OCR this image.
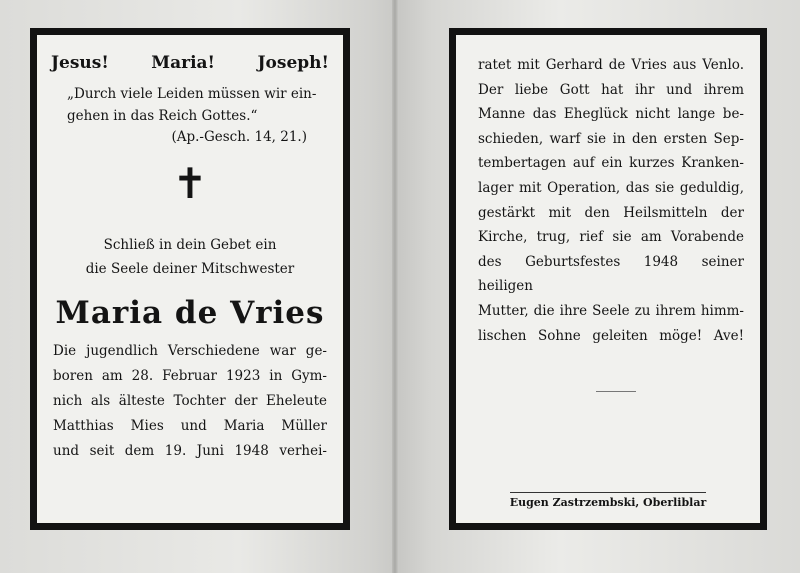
Jesus! Maria! Joseph!
„Durch viele Leiden müssen wir ein-
gehen in das Reich Gottes.“
(Ap.-Gesch. 14, 21.)
✝
Schließ in dein Gebet ein
die Seele deiner Mitschwester
Maria de Vries
Die jugendlich Verschiedene war ge-
boren am 28. Februar 1923 in Gym-
nich als älteste Tochter der Eheleute
Matthias Mies und Maria Müller
und seit dem 19. Juni 1948 verhei-
ratet mit Gerhard de Vries aus Venlo.
Der liebe Gott hat ihr und ihrem
Manne das Eheglück nicht lange be-
schieden, warf sie in den ersten Sep-
tembertagen auf ein kurzes Kranken-
lager mit Operation, das sie geduldig,
gestärkt mit den Heilsmitteln der
Kirche, trug, rief sie am Vorabende
des Geburtsfestes 1948 seiner heiligen
Mutter, die ihre Seele zu ihrem himm-
lischen Sohne geleiten möge! Ave!
Eugen Zastrzembski, Oberliblar
